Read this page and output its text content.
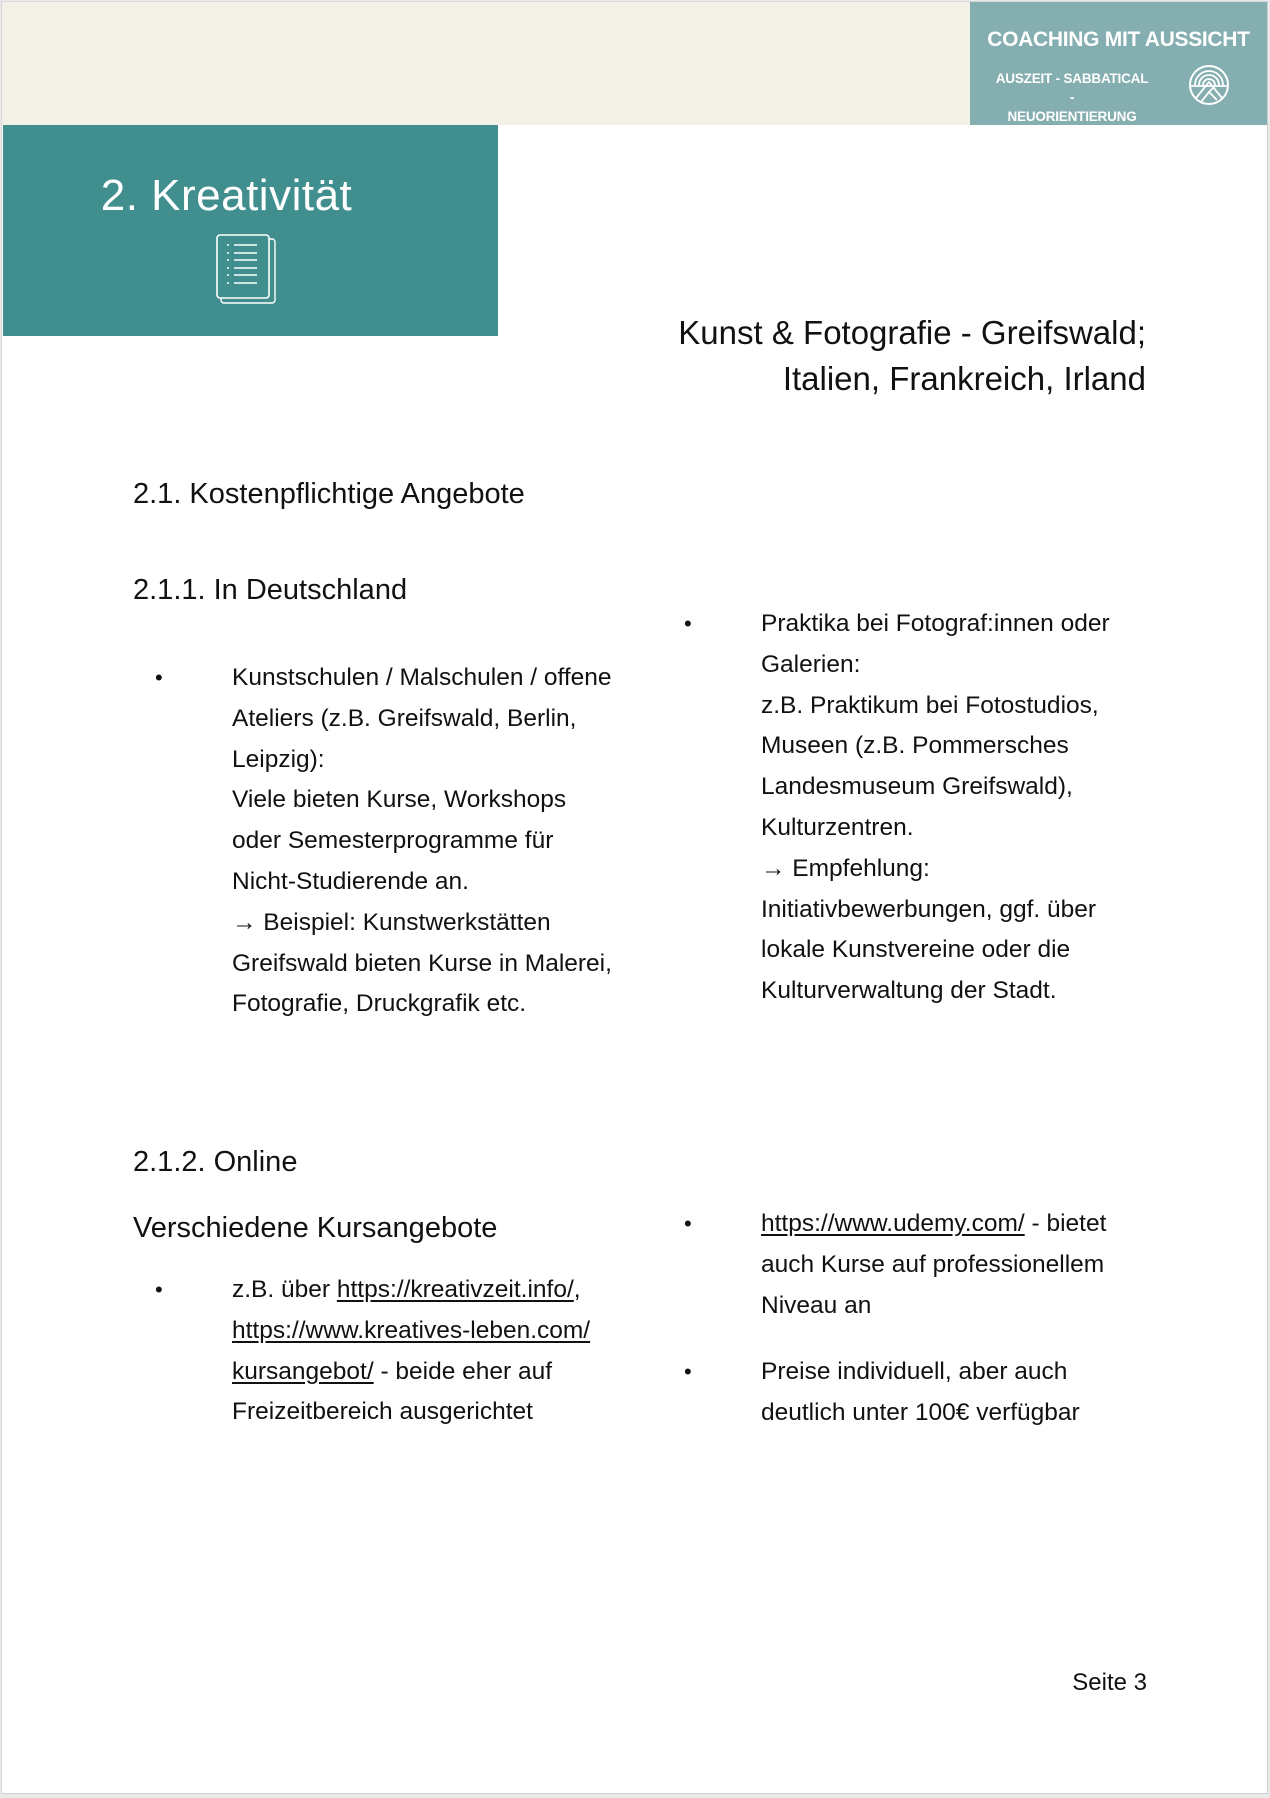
COACHING MIT AUSSICHT
AUSZEIT - SABBATICAL -
NEUORIENTIERUNG
2. Kreativität
Kunst & Fotografie - Greifswald;
Italien, Frankreich, Irland
2.1. Kostenpflichtige Angebote
2.1.1. In Deutschland
•	Kunstschulen / Malschulen / offene
Ateliers (z.B. Greifswald, Berlin,
Leipzig):
Viele bieten Kurse, Workshops
oder Semesterprogramme für
Nicht-Studierende an.
→ Beispiel: Kunstwerkstätten
Greifswald bieten Kurse in Malerei,
Fotografie, Druckgrafik etc.
•	Praktika bei Fotograf:innen oder
Galerien:
z.B. Praktikum bei Fotostudios,
Museen (z.B. Pommersches
Landesmuseum Greifswald),
Kulturzentren.
→ Empfehlung:
Initiativbewerbungen, ggf. über
lokale Kunstvereine oder die
Kulturverwaltung der Stadt.
2.1.2. Online
Verschiedene Kursangebote
•	z.B. über https://kreativzeit.info/,
https://www.kreatives-leben.com/
kursangebot/ - beide eher auf
Freizeitbereich ausgerichtet
•	https://www.udemy.com/ - bietet
auch Kurse auf professionellem
Niveau an
•	Preise individuell, aber auch
deutlich unter 100€ verfügbar
Seite 3
